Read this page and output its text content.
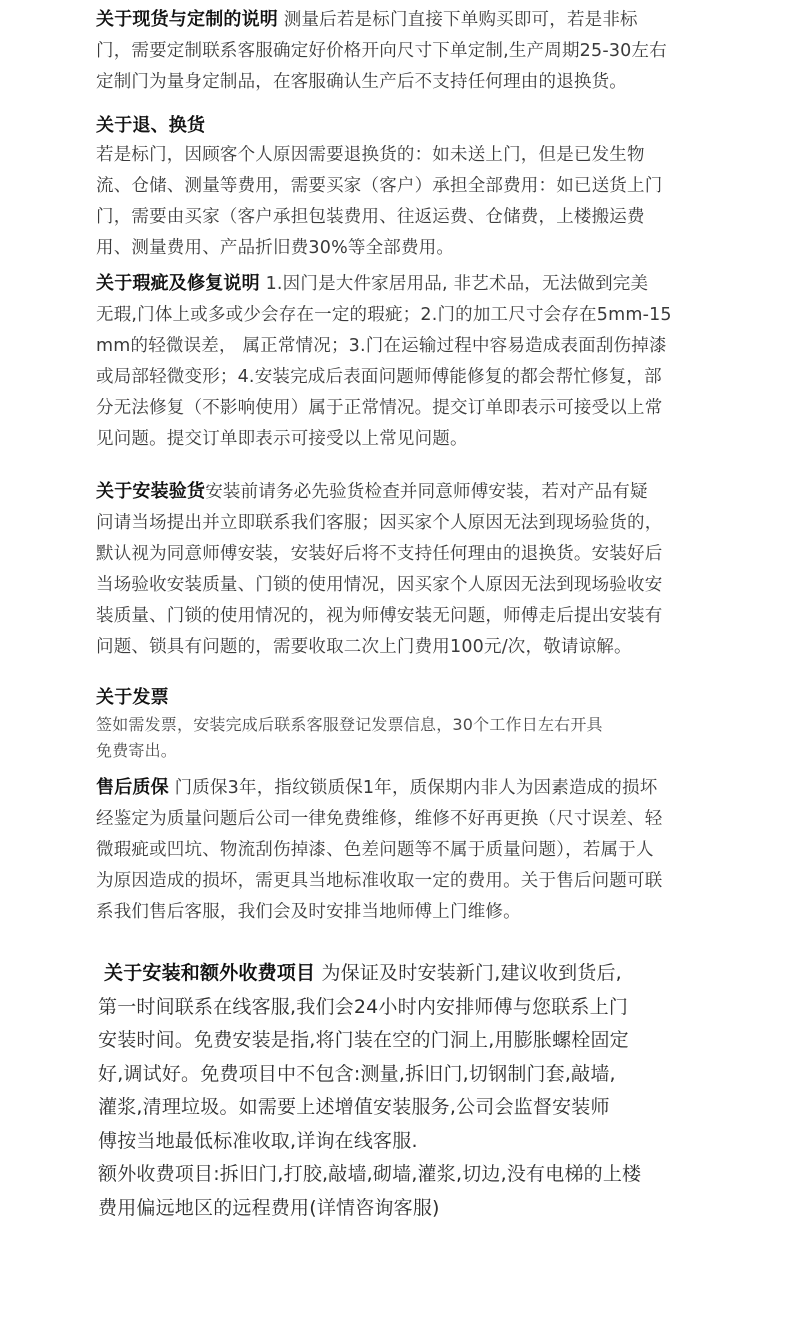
关于现货与定制的说明 测量后若是标门直接下单购买即可，若是非标
门，需要定制联系客服确定好价格开向尺寸下单定制,生产周期25-30左右
定制门为量身定制品，在客服确认生产后不支持任何理由的退换货。
关于退、换货
若是标门，因顾客个人原因需要退换货的：如未送上门，但是已发生物
流、仓储、测量等费用，需要买家（客户）承担全部费用：如已送货上门
门，需要由买家（客户承担包装费用、往返运费、仓储费，上楼搬运费
用、测量费用、产品折旧费30%等全部费用。
关于瑕疵及修复说明 1.因门是大件家居用品, 非艺术品，无法做到完美
无瑕,门体上或多或少会存在一定的瑕疵；2.门的加工尺寸会存在5mm-15
mm的轻微误差， 属正常情况；3.门在运输过程中容易造成表面刮伤掉漆
或局部轻微变形；4.安装完成后表面问题师傅能修复的都会帮忙修复，部
分无法修复（不影响使用）属于正常情况。提交订单即表示可接受以上常
见问题。提交订单即表示可接受以上常见问题。
关于安装验货安装前请务必先验货检查并同意师傅安装，若对产品有疑
问请当场提出并立即联系我们客服；因买家个人原因无法到现场验货的，
默认视为同意师傅安装，安装好后将不支持任何理由的退换货。安装好后
当场验收安装质量、门锁的使用情况，因买家个人原因无法到现场验收安
装质量、门锁的使用情况的，视为师傅安装无问题，师傅走后提出安装有
问题、锁具有问题的，需要收取二次上门费用100元/次，敬请谅解。
关于发票
签如需发票，安装完成后联系客服登记发票信息，30个工作日左右开具
免费寄出。
售后质保 门质保3年，指纹锁质保1年，质保期内非人为因素造成的损坏
经鉴定为质量问题后公司一律免费维修，维修不好再更换（尺寸误差、轻
微瑕疵或凹坑、物流刮伤掉漆、色差问题等不属于质量问题），若属于人
为原因造成的损坏，需更具当地标准收取一定的费用。关于售后问题可联
系我们售后客服，我们会及时安排当地师傅上门维修。
关于安装和额外收费项目 为保证及时安装新门,建议收到货后,
第一时间联系在线客服,我们会24小时内安排师傅与您联系上门
安装时间。免费安装是指,将门装在空的门洞上,用膨胀螺栓固定
好,调试好。免费项目中不包含:测量,拆旧门,切钢制门套,敲墙,
灌浆,清理垃圾。如需要上述增值安装服务,公司会监督安装师
傅按当地最低标准收取,详询在线客服.
额外收费项目:拆旧门,打胶,敲墙,砌墙,灌浆,切边,没有电梯的上楼
费用偏远地区的远程费用(详情咨询客服)
